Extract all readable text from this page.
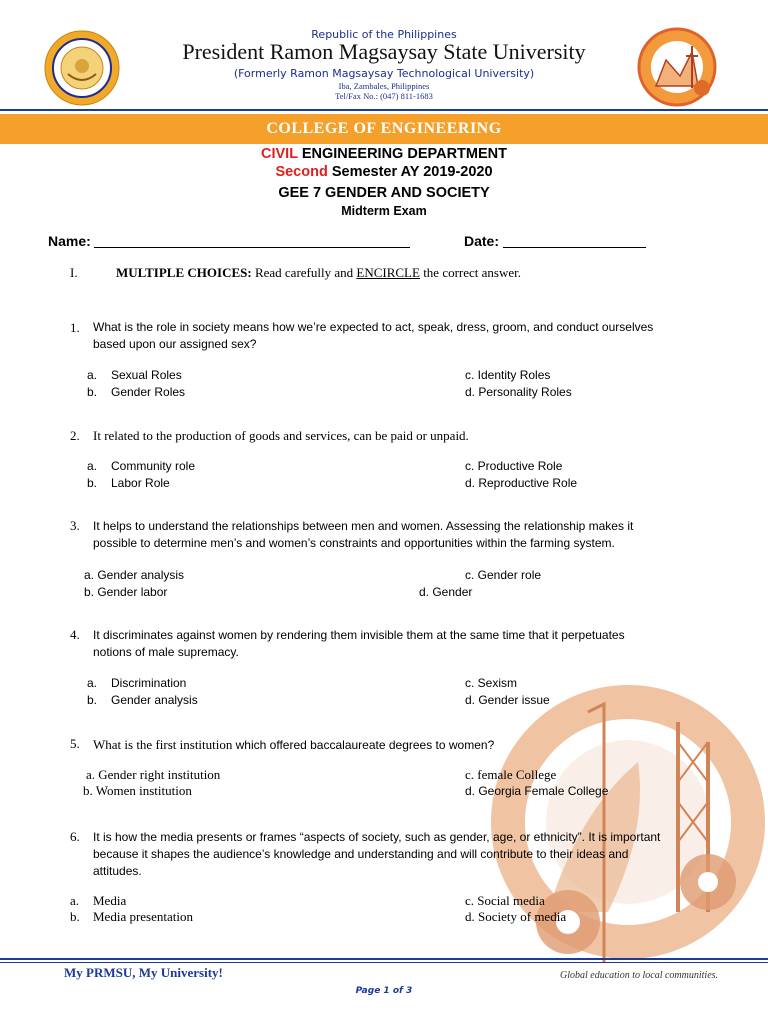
Republic of the Philippines
President Ramon Magsaysay State University
(Formerly Ramon Magsaysay Technological University)
Iba, Zambales, Philippines
Tel/Fax No.: (047) 811-1683
COLLEGE OF ENGINEERING
CIVIL ENGINEERING DEPARTMENT
Second Semester AY 2019-2020
GEE 7 GENDER AND SOCIETY
Midterm Exam
Name:	Date:
I.	MULTIPLE CHOICES: Read carefully and ENCIRCLE the correct answer.
1. What is the role in society means how we’re expected to act, speak, dress, groom, and conduct ourselves
based upon our assigned sex?
a. Sexual Roles
b. Gender Roles
c. Identity Roles
d. Personality Roles
2. It related to the production of goods and services, can be paid or unpaid.
a. Community role
b. Labor Role
c. Productive Role
d. Reproductive Role
3. It helps to understand the relationships between men and women. Assessing the relationship makes it
possible to determine men’s and women’s constraints and opportunities within the farming system.
a. Gender analysis
b. Gender labor
c. Gender role
d. Gender
4. It discriminates against women by rendering them invisible them at the same time that it perpetuates
notions of male supremacy.
a. Discrimination
b. Gender analysis
c. Sexism
d. Gender issue
5. What is the first institution which offered baccalaureate degrees to women?
a. Gender right institution
b. Women institution
c. female College
d. Georgia Female College
6. It is how the media presents or frames “aspects of society, such as gender, age, or ethnicity”. It is important
because it shapes the audience’s knowledge and understanding and will contribute to their ideas and
attitudes.
a. Media
b. Media presentation
c. Social media
d. Society of media
My PRMSU, My University!	Global education to local communities.
Page 1 of 3
